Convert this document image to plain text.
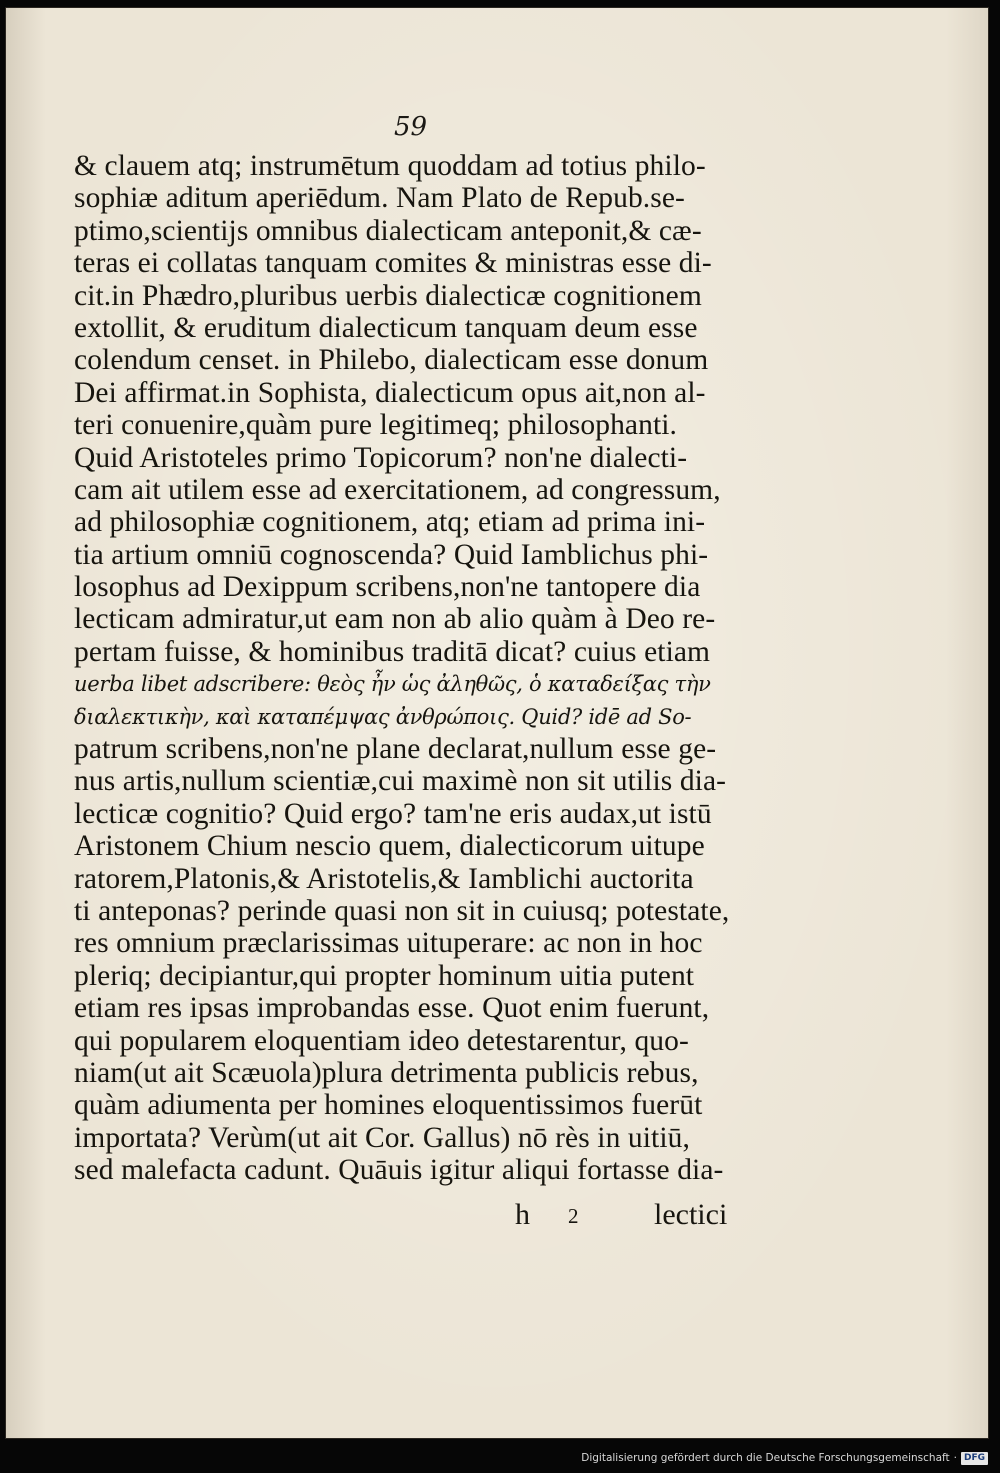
59
& clauem atq; instrumētum quoddam ad totius philo-
sophiæ aditum aperiēdum. Nam Plato de Repub.se-
ptimo,scientijs omnibus dialecticam anteponit,& cæ-
teras ei collatas tanquam comites & ministras esse di-
cit.in Phædro,pluribus uerbis dialecticæ cognitionem
extollit, & eruditum dialecticum tanquam deum esse
colendum censet. in Philebo, dialecticam esse donum
Dei affirmat.in Sophista, dialecticum opus ait,non al-
teri conuenire,quàm pure legitimeq; philosophanti.
Quid Aristoteles primo Topicorum? non'ne dialecti-
cam ait utilem esse ad exercitationem, ad congressum,
ad philosophiæ cognitionem, atq; etiam ad prima ini-
tia artium omniū cognoscenda? Quid Iamblichus phi-
losophus ad Dexippum scribens,non'ne tantopere dia
lecticam admiratur,ut eam non ab alio quàm à Deo re-
pertam fuisse, & hominibus traditā dicat? cuius etiam
uerba libet adscribere: θεὸς ἦν ὡς ἀληθῶς, ὁ καταδείξας τὴν
διαλεκτικὴν, καὶ καταπέμψας ἀνθρώποις. Quid? idē ad So-
patrum scribens,non'ne plane declarat,nullum esse ge-
nus artis,nullum scientiæ,cui maximè non sit utilis dia-
lecticæ cognitio? Quid ergo? tam'ne eris audax,ut istū
Aristonem Chium nescio quem, dialecticorum uitupe
ratorem,Platonis,& Aristotelis,& Iamblichi auctorita
ti anteponas? perinde quasi non sit in cuiusq; potestate,
res omnium præclarissimas uituperare: ac non in hoc
pleriq; decipiantur,qui propter hominum uitia putent
etiam res ipsas improbandas esse. Quot enim fuerunt,
qui popularem eloquentiam ideo detestarentur, quo-
niam(ut ait Scæuola)plura detrimenta publicis rebus,
quàm adiumenta per homines eloquentissimos fuerūt
importata? Verùm(ut ait Cor. Gallus) nō rès in uitiū,
sed malefacta cadunt. Quāuis igitur aliqui fortasse dia-
h 2	lectici
Digitalisierung gefördert durch die Deutsche Forschungsgemeinschaft · DFG
